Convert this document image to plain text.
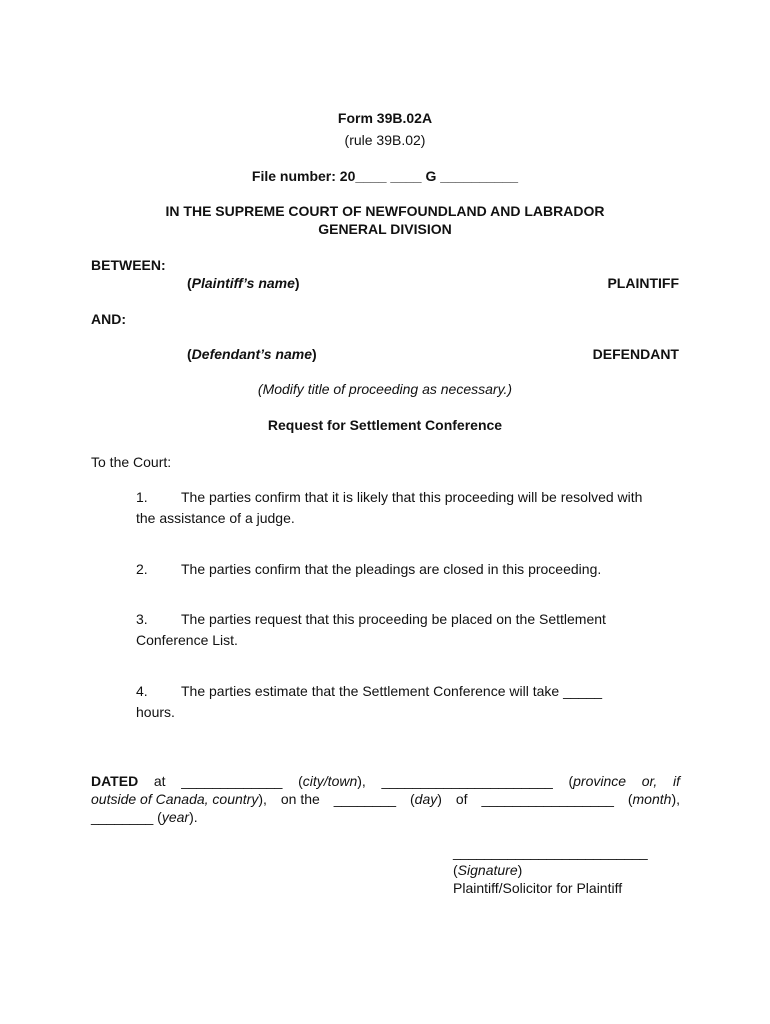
Form 39B.02A
(rule 39B.02)
File number: 20____ ____ G __________
IN THE SUPREME COURT OF NEWFOUNDLAND AND LABRADOR
GENERAL DIVISION
BETWEEN:
(Plaintiff’s name)	PLAINTIFF
AND:
(Defendant’s name)	DEFENDANT
(Modify title of proceeding as necessary.)
Request for Settlement Conference
To the Court:
1. The parties confirm that it is likely that this proceeding will be resolved with
the assistance of a judge.
2. The parties confirm that the pleadings are closed in this proceeding.
3. The parties request that this proceeding be placed on the Settlement
Conference List.
4. The parties estimate that the Settlement Conference will take _____
hours.
DATED at _____________ (city/town), ______________________ (province or, if
outside of Canada, country), on the ________ (day) of _________________ (month),
________ (year).
_________________________
(Signature)
Plaintiff/Solicitor for Plaintiff
